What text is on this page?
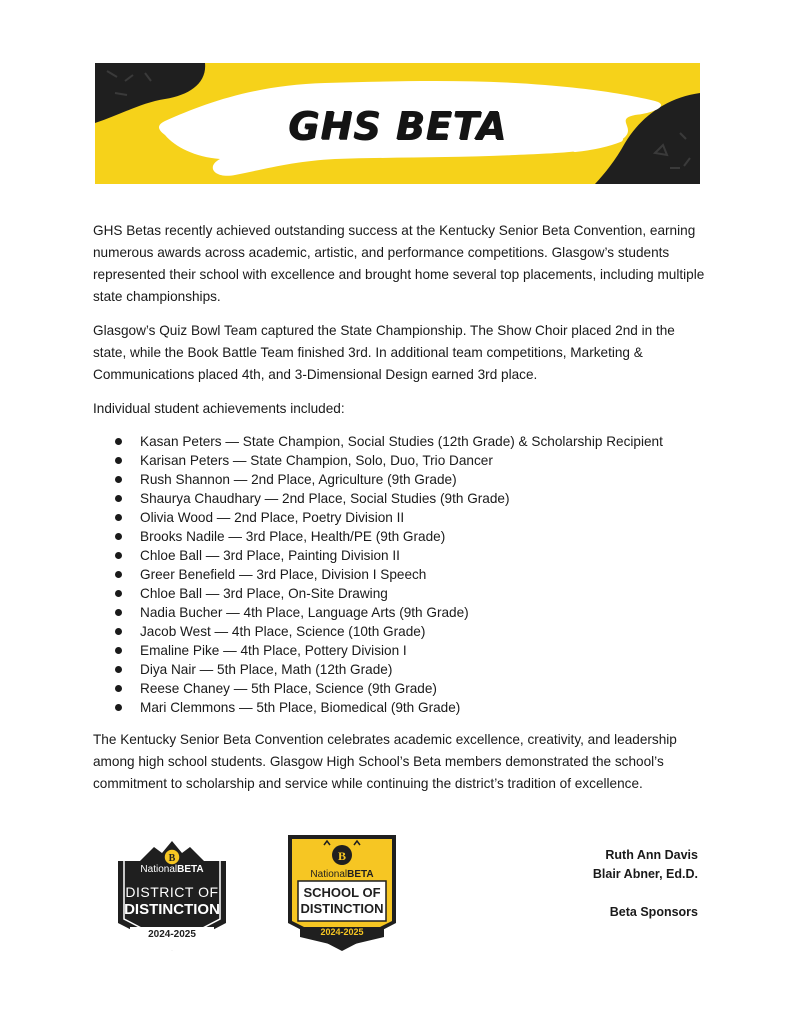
GHS BETA

GHS Betas recently achieved outstanding success at the Kentucky Senior Beta Convention, earning numerous awards across academic, artistic, and performance competitions. Glasgow’s students represented their school with excellence and brought home several top placements, including multiple state championships.

Glasgow’s Quiz Bowl Team captured the State Championship. The Show Choir placed 2nd in the state, while the Book Battle Team finished 3rd. In additional team competitions, Marketing & Communications placed 4th, and 3-Dimensional Design earned 3rd place.

Individual student achievements included:

Kasan Peters — State Champion, Social Studies (12th Grade) & Scholarship Recipient
Karisan Peters — State Champion, Solo, Duo, Trio Dancer
Rush Shannon — 2nd Place, Agriculture (9th Grade)
Shaurya Chaudhary — 2nd Place, Social Studies (9th Grade)
Olivia Wood — 2nd Place, Poetry Division II
Brooks Nadile — 3rd Place, Health/PE (9th Grade)
Chloe Ball — 3rd Place, Painting Division II
Greer Benefield — 3rd Place, Division I Speech
Chloe Ball — 3rd Place, On-Site Drawing
Nadia Bucher — 4th Place, Language Arts (9th Grade)
Jacob West — 4th Place, Science (10th Grade)
Emaline Pike — 4th Place, Pottery Division I
Diya Nair — 5th Place, Math (12th Grade)
Reese Chaney — 5th Place, Science (9th Grade)
Mari Clemmons — 5th Place, Biomedical (9th Grade)

The Kentucky Senior Beta Convention celebrates academic excellence, creativity, and leadership among high school students. Glasgow High School’s Beta members demonstrated the school’s commitment to scholarship and service while continuing the district’s tradition of excellence.

B
NationalBETA
DISTRICT OF
DISTINCTION
2024-2025
B
NationalBETA
SCHOOL OF
DISTINCTION
2024-2025
Ruth Ann Davis
Blair Abner, Ed.D.
Beta Sponsors
